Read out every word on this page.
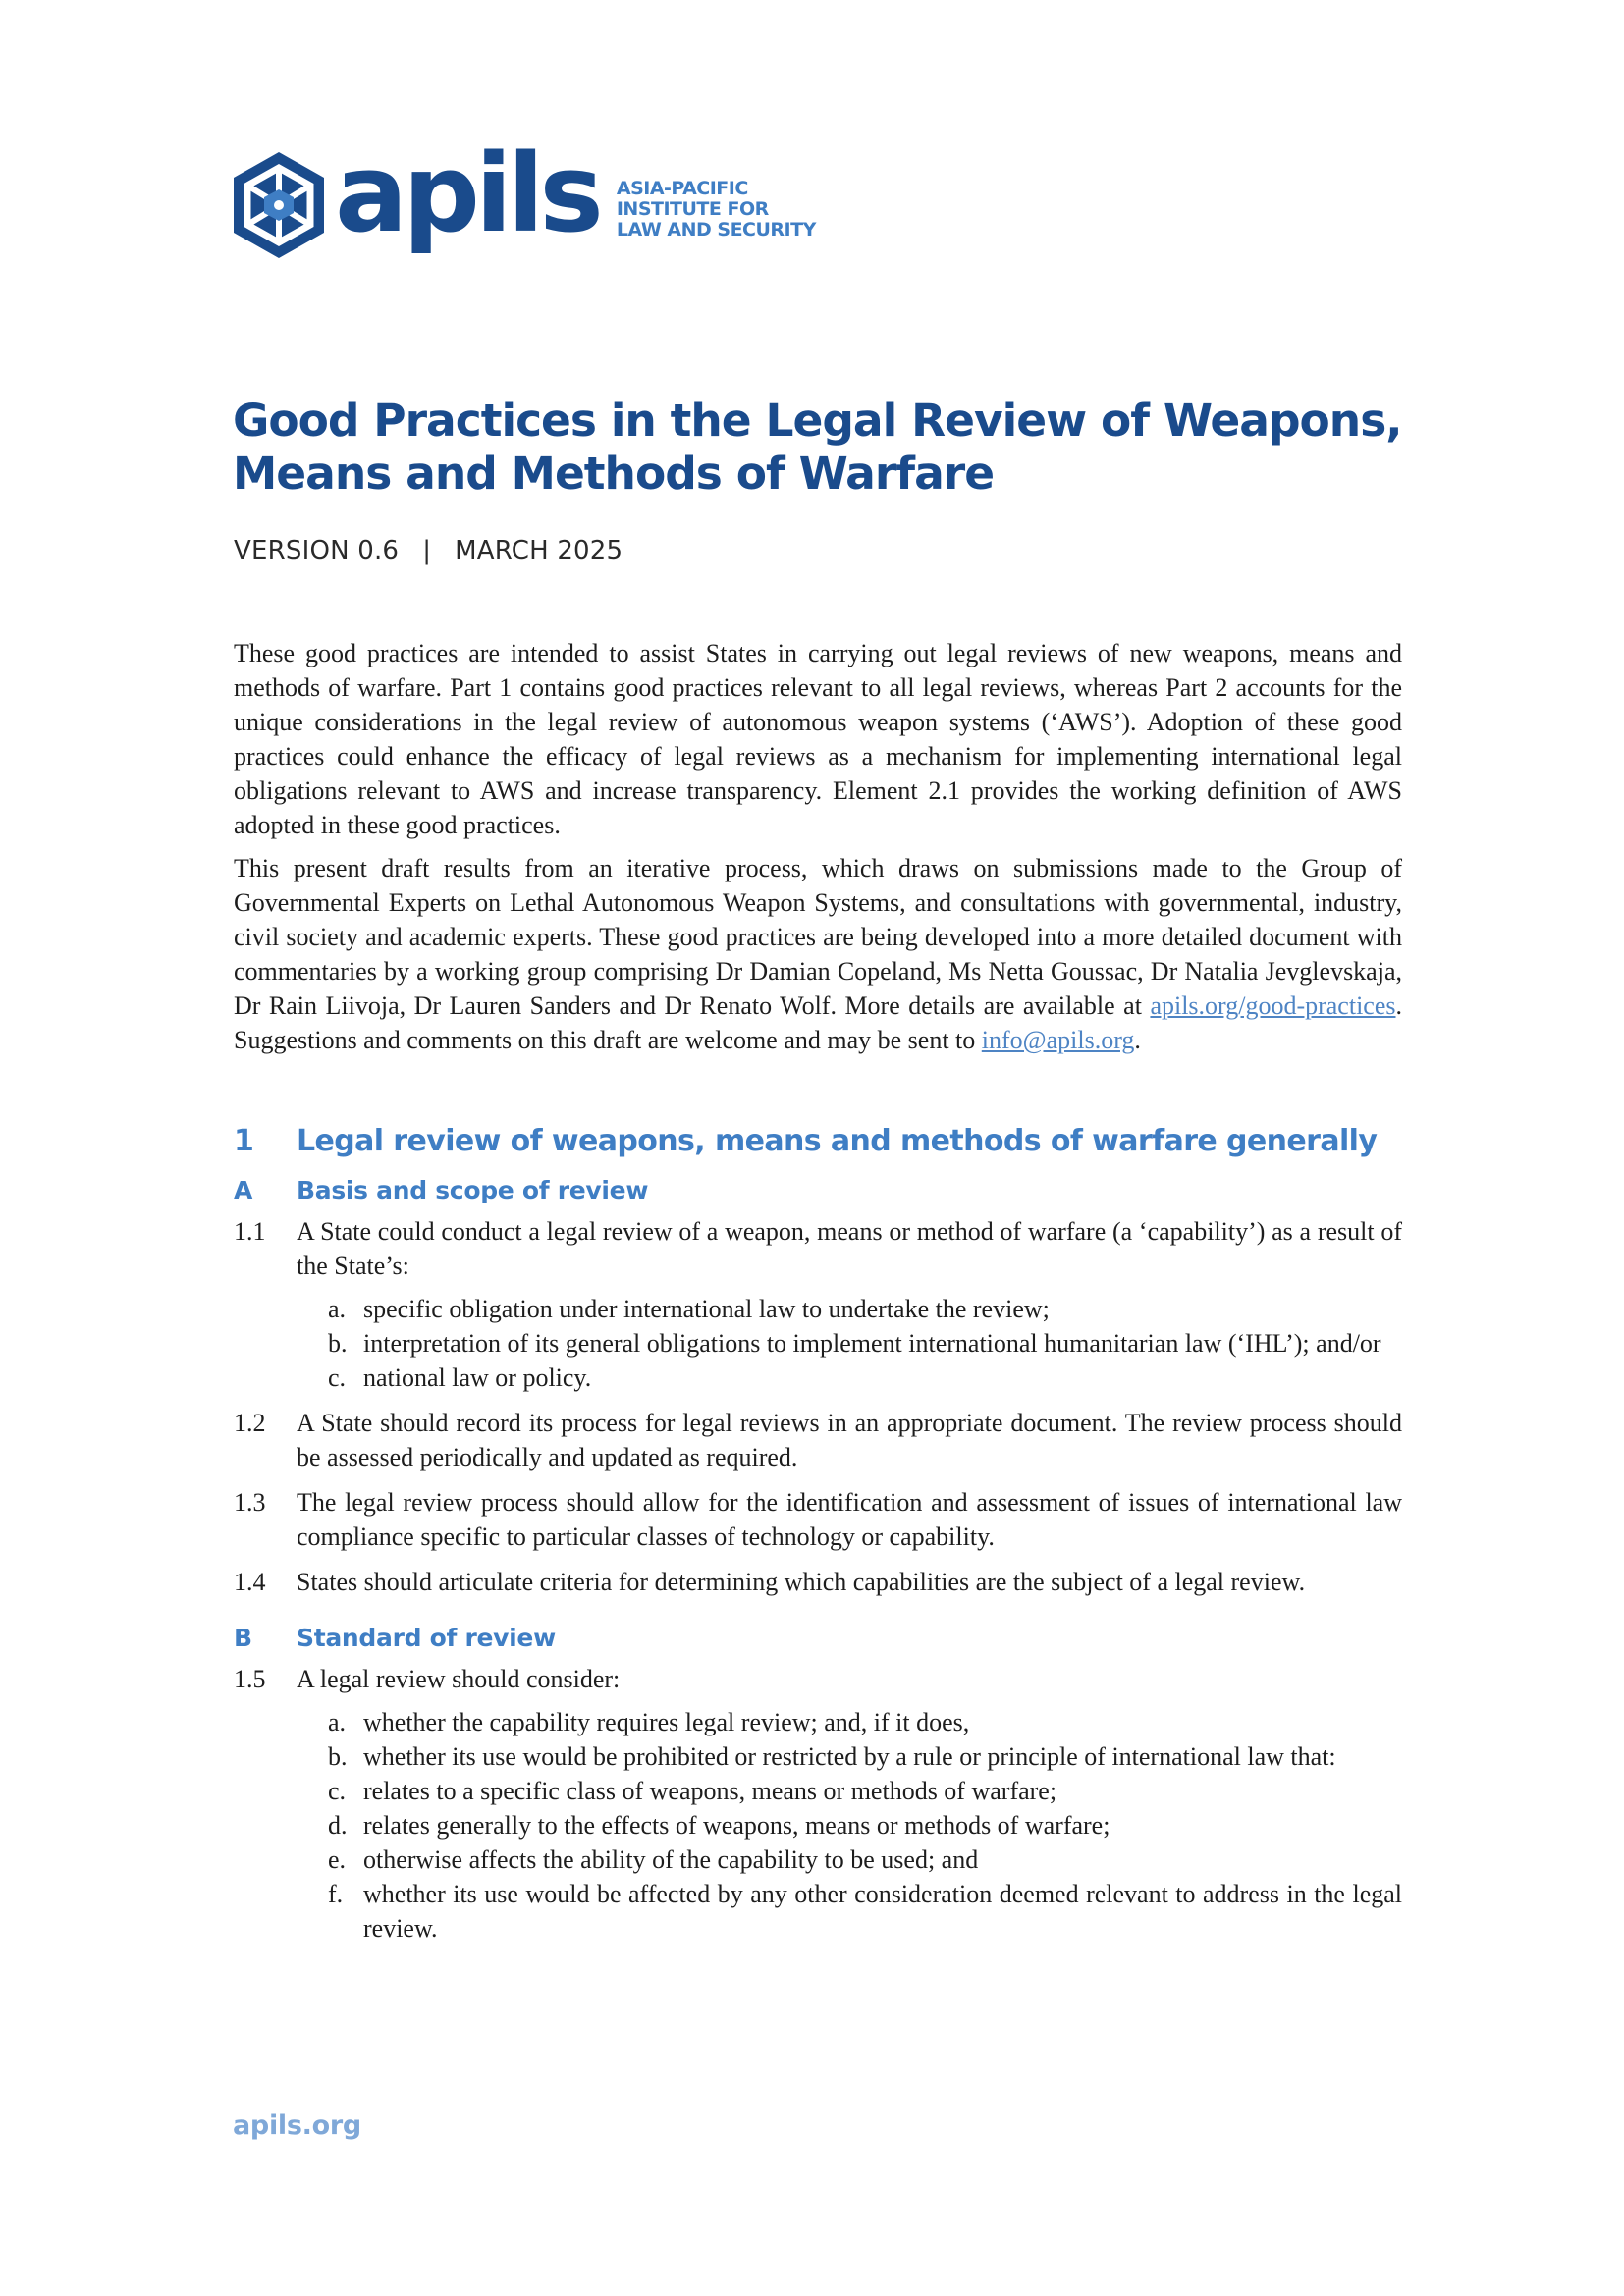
apils ASIA-PACIFIC
INSTITUTE FOR
LAW AND SECURITY
Good Practices in the Legal Review of Weapons,
Means and Methods of Warfare
VERSION 0.6 | MARCH 2025

These good practices are intended to assist States in carrying out legal reviews of new weapons, means and methods of warfare. Part 1 contains good practices relevant to all legal reviews, whereas Part 2 accounts for the unique considerations in the legal review of autonomous weapon systems (‘AWS’). Adoption of these good practices could enhance the efficacy of legal reviews as a mechanism for implementing international legal obligations relevant to AWS and increase transparency. Element 2.1 provides the working definition of AWS adopted in these good practices.

This present draft results from an iterative process, which draws on submissions made to the Group of Governmental Experts on Lethal Autonomous Weapon Systems, and consultations with governmental, industry, civil society and academic experts. These good practices are being developed into a more detailed document with commentaries by a working group comprising Dr Damian Copeland, Ms Netta Goussac, Dr Natalia Jevglevskaja, Dr Rain Liivoja, Dr Lauren Sanders and Dr Renato Wolf. More details are available at apils.org/good-practices. Suggestions and comments on this draft are welcome and may be sent to info@apils.org.

1	Legal review of weapons, means and methods of warfare generally
A	Basis and scope of review
1.1	A State could conduct a legal review of a weapon, means or method of warfare (a ‘capability’) as a result of the State’s:
a. specific obligation under international law to undertake the review;
b. interpretation of its general obligations to implement international humanitarian law (‘IHL’); and/or
c. national law or policy.
1.2	A State should record its process for legal reviews in an appropriate document. The review process should be assessed periodically and updated as required.
1.3	The legal review process should allow for the identification and assessment of issues of international law compliance specific to particular classes of technology or capability.
1.4	States should articulate criteria for determining which capabilities are the subject of a legal review.
B	Standard of review
1.5	A legal review should consider:
a. whether the capability requires legal review; and, if it does,
b. whether its use would be prohibited or restricted by a rule or principle of international law that:
c. relates to a specific class of weapons, means or methods of warfare;
d. relates generally to the effects of weapons, means or methods of warfare;
e. otherwise affects the ability of the capability to be used; and
f. whether its use would be affected by any other consideration deemed relevant to address in the legal review.
apils.org
